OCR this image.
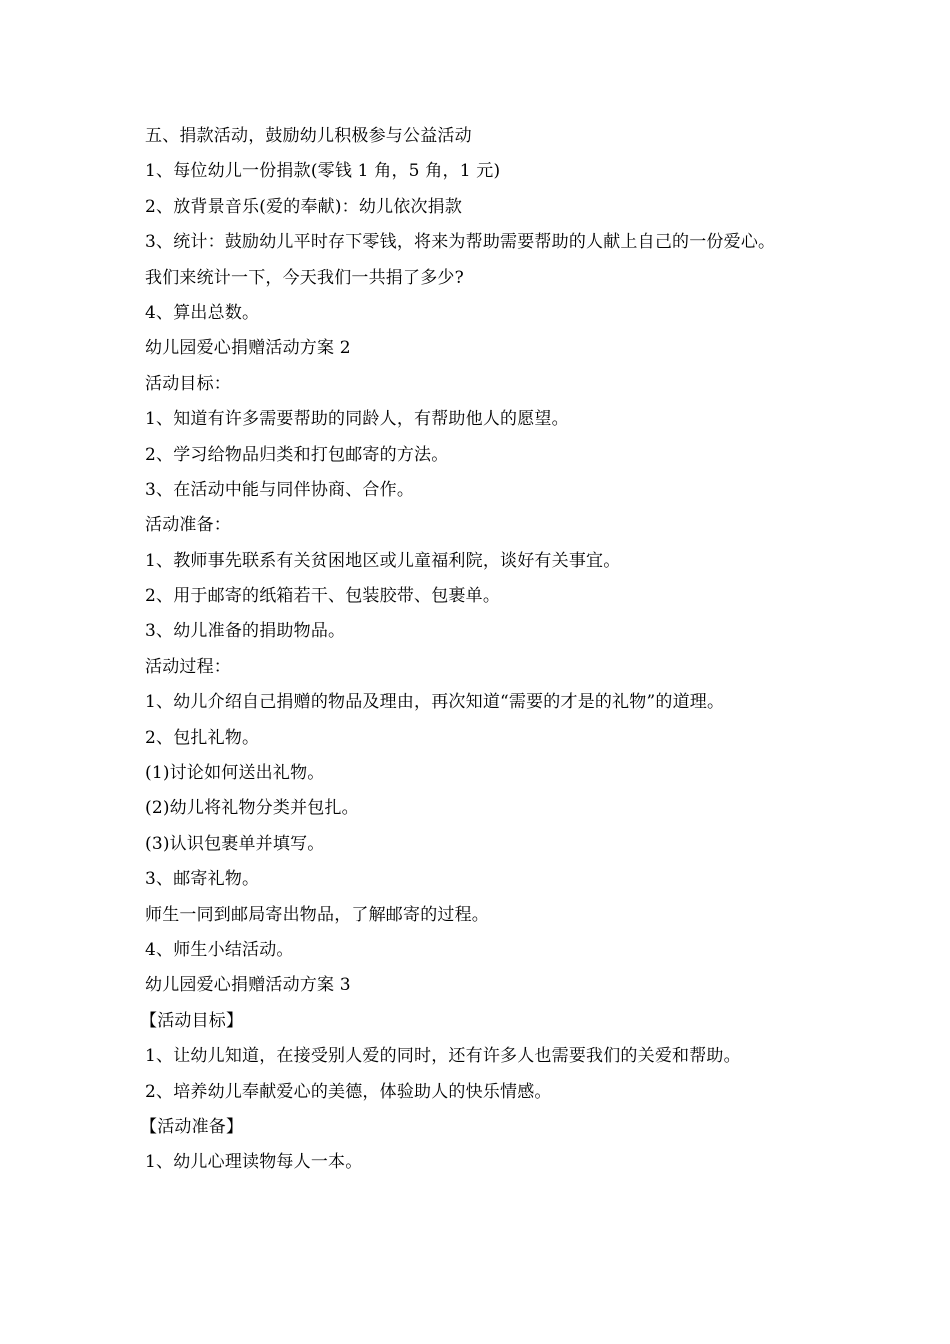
五、捐款活动，鼓励幼儿积极参与公益活动
1、每位幼儿一份捐款(零钱 1 角，5 角，1 元)
2、放背景音乐(爱的奉献)：幼儿依次捐款
3、统计：鼓励幼儿平时存下零钱，将来为帮助需要帮助的人献上自己的一份爱心。
我们来统计一下，今天我们一共捐了多少?
4、算出总数。
幼儿园爱心捐赠活动方案 2
活动目标：
1、知道有许多需要帮助的同龄人，有帮助他人的愿望。
2、学习给物品归类和打包邮寄的方法。
3、在活动中能与同伴协商、合作。
活动准备：
1、教师事先联系有关贫困地区或儿童福利院，谈好有关事宜。
2、用于邮寄的纸箱若干、包装胶带、包裹单。
3、幼儿准备的捐助物品。
活动过程：
1、幼儿介绍自己捐赠的物品及理由，再次知道“需要的才是的礼物”的道理。
2、包扎礼物。
(1)讨论如何送出礼物。
(2)幼儿将礼物分类并包扎。
(3)认识包裹单并填写。
3、邮寄礼物。
师生一同到邮局寄出物品，了解邮寄的过程。
4、师生小结活动。
幼儿园爱心捐赠活动方案 3
【活动目标】
1、让幼儿知道，在接受别人爱的同时，还有许多人也需要我们的关爱和帮助。
2、培养幼儿奉献爱心的美德，体验助人的快乐情感。
【活动准备】
1、幼儿心理读物每人一本。
